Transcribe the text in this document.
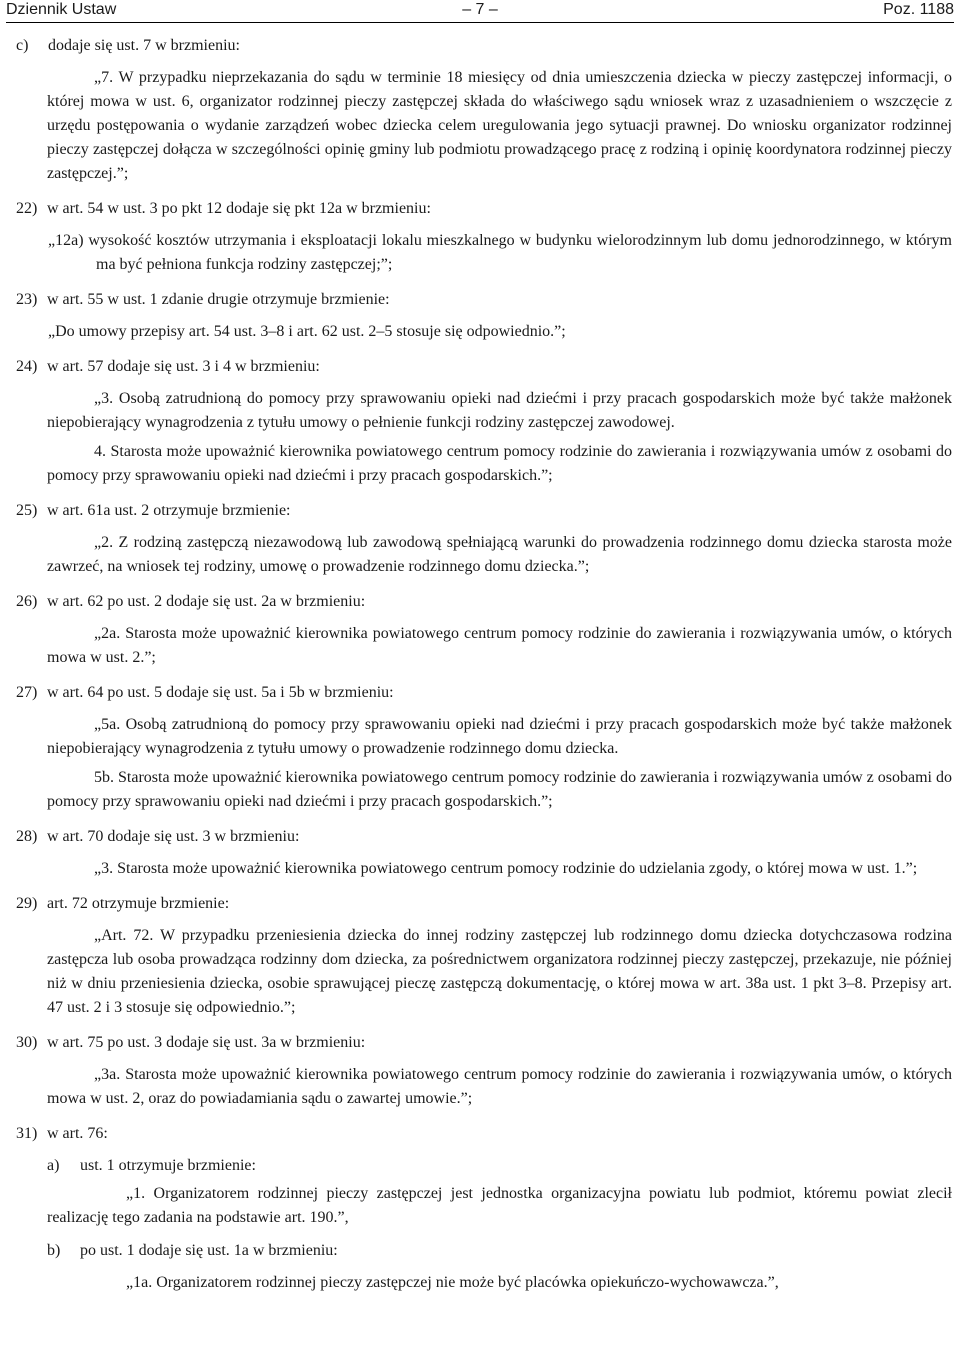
Dziennik Ustaw	– 7 –	Poz. 1188
c) dodaje się ust. 7 w brzmieniu:
„7. W przypadku nieprzekazania do sądu w terminie 18 miesięcy od dnia umieszczenia dziecka w pieczy zastępczej informacji, o której mowa w ust. 6, organizator rodzinnej pieczy zastępczej składa do właściwego sądu wniosek wraz z uzasadnieniem o wszczęcie z urzędu postępowania o wydanie zarządzeń wobec dziecka celem uregulowania jego sytuacji prawnej. Do wniosku organizator rodzinnej pieczy zastępczej dołącza w szczególności opinię gminy lub podmiotu prowadzącego pracę z rodziną i opinię koordynatora rodzinnej pieczy zastępczej.”;
22) w art. 54 w ust. 3 po pkt 12 dodaje się pkt 12a w brzmieniu:
„12a) wysokość kosztów utrzymania i eksploatacji lokalu mieszkalnego w budynku wielorodzinnym lub domu jednorodzinnego, w którym ma być pełniona funkcja rodziny zastępczej;”;
23) w art. 55 w ust. 1 zdanie drugie otrzymuje brzmienie:
„Do umowy przepisy art. 54 ust. 3–8 i art. 62 ust. 2–5 stosuje się odpowiednio.”;
24) w art. 57 dodaje się ust. 3 i 4 w brzmieniu:
„3. Osobą zatrudnioną do pomocy przy sprawowaniu opieki nad dziećmi i przy pracach gospodarskich może być także małżonek niepobierający wynagrodzenia z tytułu umowy o pełnienie funkcji rodziny zastępczej zawodowej.
4. Starosta może upoważnić kierownika powiatowego centrum pomocy rodzinie do zawierania i rozwiązywania umów z osobami do pomocy przy sprawowaniu opieki nad dziećmi i przy pracach gospodarskich.”;
25) w art. 61a ust. 2 otrzymuje brzmienie:
„2. Z rodziną zastępczą niezawodową lub zawodową spełniającą warunki do prowadzenia rodzinnego domu dziecka starosta może zawrzeć, na wniosek tej rodziny, umowę o prowadzenie rodzinnego domu dziecka.”;
26) w art. 62 po ust. 2 dodaje się ust. 2a w brzmieniu:
„2a. Starosta może upoważnić kierownika powiatowego centrum pomocy rodzinie do zawierania i rozwiązywania umów, o których mowa w ust. 2.”;
27) w art. 64 po ust. 5 dodaje się ust. 5a i 5b w brzmieniu:
„5a. Osobą zatrudnioną do pomocy przy sprawowaniu opieki nad dziećmi i przy pracach gospodarskich może być także małżonek niepobierający wynagrodzenia z tytułu umowy o prowadzenie rodzinnego domu dziecka.
5b. Starosta może upoważnić kierownika powiatowego centrum pomocy rodzinie do zawierania i rozwiązywania umów z osobami do pomocy przy sprawowaniu opieki nad dziećmi i przy pracach gospodarskich.”;
28) w art. 70 dodaje się ust. 3 w brzmieniu:
„3. Starosta może upoważnić kierownika powiatowego centrum pomocy rodzinie do udzielania zgody, o której mowa w ust. 1.”;
29) art. 72 otrzymuje brzmienie:
„Art. 72. W przypadku przeniesienia dziecka do innej rodziny zastępczej lub rodzinnego domu dziecka dotychczasowa rodzina zastępcza lub osoba prowadząca rodzinny dom dziecka, za pośrednictwem organizatora rodzinnej pieczy zastępczej, przekazuje, nie później niż w dniu przeniesienia dziecka, osobie sprawującej pieczę zastępczą dokumentację, o której mowa w art. 38a ust. 1 pkt 3–8. Przepisy art. 47 ust. 2 i 3 stosuje się odpowiednio.”;
30) w art. 75 po ust. 3 dodaje się ust. 3a w brzmieniu:
„3a. Starosta może upoważnić kierownika powiatowego centrum pomocy rodzinie do zawierania i rozwiązywania umów, o których mowa w ust. 2, oraz do powiadamiania sądu o zawartej umowie.”;
31) w art. 76:
a) ust. 1 otrzymuje brzmienie:
„1. Organizatorem rodzinnej pieczy zastępczej jest jednostka organizacyjna powiatu lub podmiot, któremu powiat zlecił realizację tego zadania na podstawie art. 190.”,
b) po ust. 1 dodaje się ust. 1a w brzmieniu:
„1a. Organizatorem rodzinnej pieczy zastępczej nie może być placówka opiekuńczo-wychowawcza.”,
